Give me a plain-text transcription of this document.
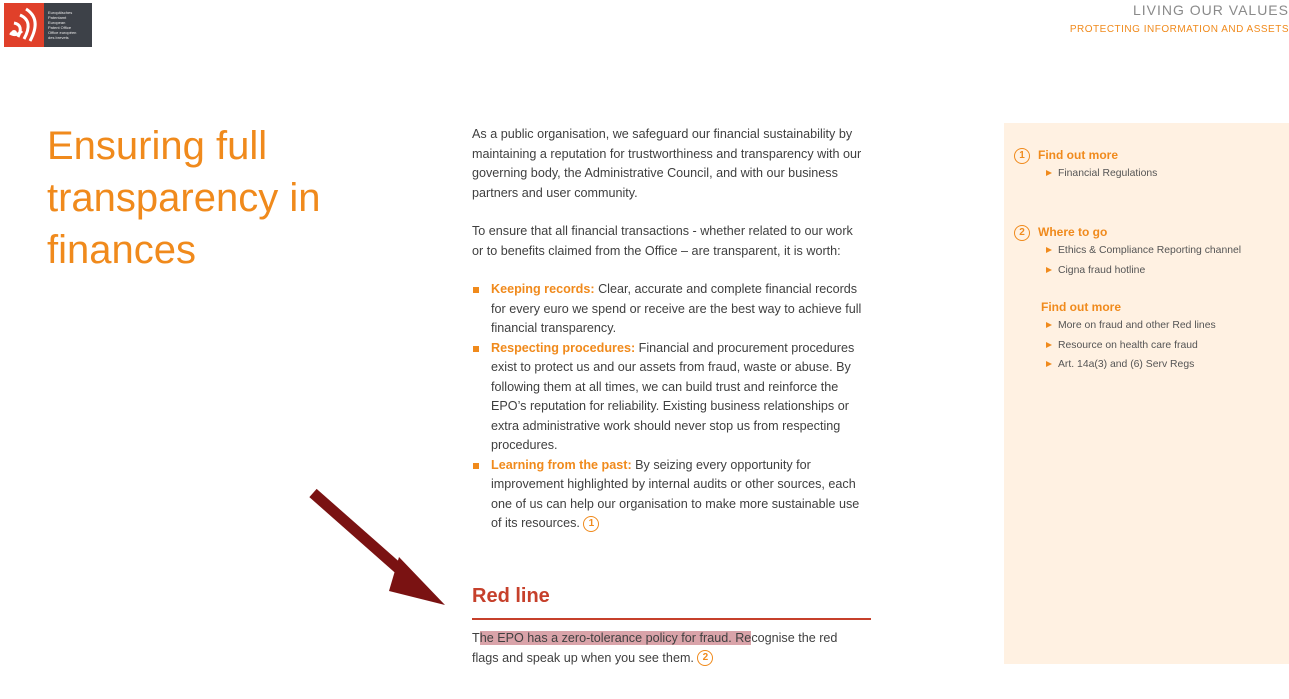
Europäisches
Patentamt
European
Patent Office
Office européen
des brevets
LIVING OUR VALUES
PROTECTING INFORMATION AND ASSETS
Ensuring full
transparency in
finances

As a public organisation, we safeguard our financial sustainability by maintaining a reputation for trustworthiness and transparency with our governing body, the Administrative Council, and with our business partners and user community.

To ensure that all financial transactions - whether related to our work or to benefits claimed from the Office – are transparent, it is worth:

Keeping records: Clear, accurate and complete financial records for every euro we spend or receive are the best way to achieve full financial transparency.
Respecting procedures: Financial and procurement procedures exist to protect us and our assets from fraud, waste or abuse. By following them at all times, we can build trust and reinforce the EPO’s reputation for reliability. Existing business relationships or extra administrative work should never stop us from respecting procedures.
Learning from the past: By seizing every opportunity for improvement highlighted by internal audits or other sources, each one of us can help our organisation to make more sustainable use of its resources. 1
Red line
The EPO has a zero-tolerance policy for fraud. Recognise the red flags and speak up when you see them. 2
1 Find out more
Financial Regulations
2 Where to go
Ethics & Compliance Reporting channel
Cigna fraud hotline
Find out more
More on fraud and other Red lines
Resource on health care fraud
Art. 14a(3) and (6) Serv Regs
